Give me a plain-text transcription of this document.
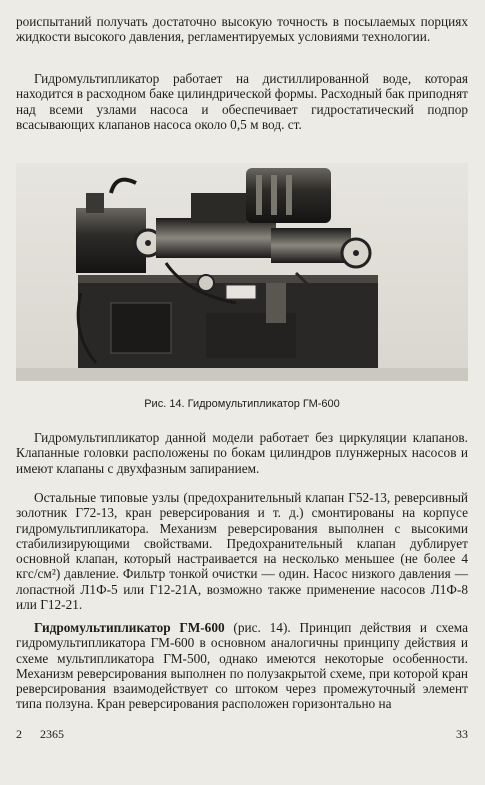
роиспытаний получать достаточно высокую точность в посылаемых порциях жидкости высокого давления, регламентируемых условиями технологии.

Гидромультипликатор работает на дистиллированной воде, которая находится в расходном баке цилиндрической формы. Расходный бак приподнят над всеми узлами насоса и обеспечивает гидростатический подпор всасывающих клапанов насоса около 0,5 м вод. ст.

Рис. 14. Гидромультипликатор ГМ-600

Гидромультипликатор данной модели работает без циркуляции клапанов. Клапанные головки расположены по бокам цилиндров плунжерных насосов и имеют клапаны с двухфазным запиранием.

Остальные типовые узлы (предохранительный клапан Г52-13, реверсивный золотник Г72-13, кран реверсирования и т. д.) смонтированы на корпусе гидромультипликатора. Механизм реверсирования выполнен с высокими стабилизирующими свойствами. Предохранительный клапан дублирует основной клапан, который настраивается на несколько меньшее (не более 4 кгс/см²) давление. Фильтр тонкой очистки — один. Насос низкого давления — лопастной Л1Ф-5 или Г12-21А, возможно также применение насосов Л1Ф-8 или Г12-21.

Гидромультипликатор ГМ-600 (рис. 14). Принцип действия и схема гидромультипликатора ГМ-600 в основном аналогичны принципу действия и схеме мультипликатора ГМ-500, однако имеются некоторые особенности. Механизм реверсирования выполнен по полузакрытой схеме, при которой кран реверсирования взаимодействует со штоком через промежуточный элемент типа ползуна. Кран реверсирования расположен горизонтально на

2 2365	33
